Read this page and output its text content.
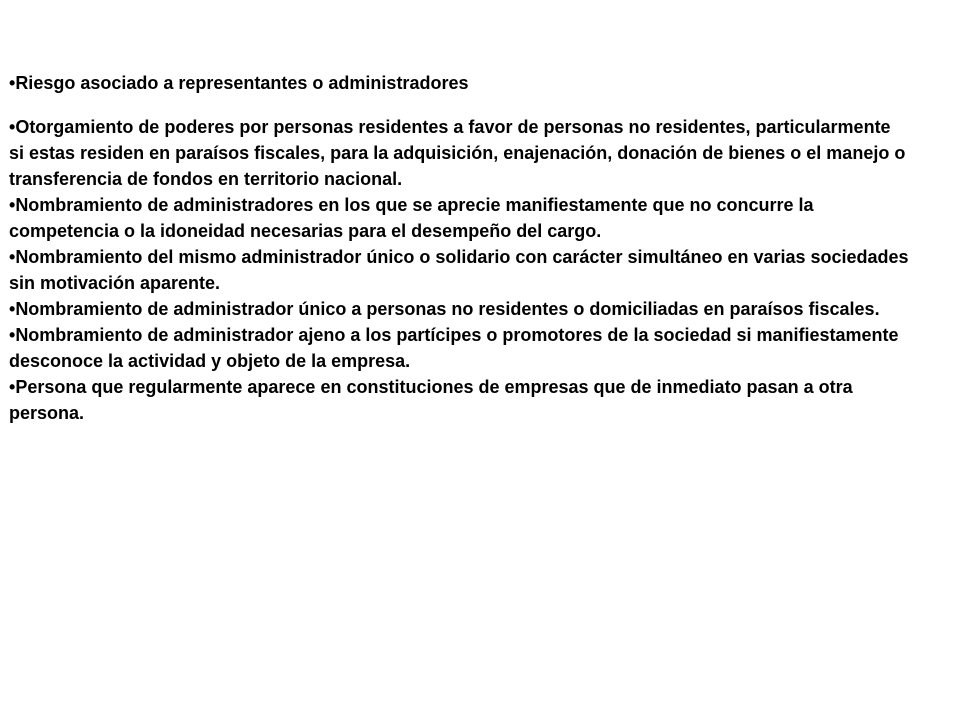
•Riesgo asociado a representantes o administradores

•Otorgamiento de poderes por personas residentes a favor de personas no residentes, particularmente si estas residen en paraísos fiscales, para la adquisición, enajenación, donación de bienes o el manejo o transferencia de fondos en territorio nacional.

•Nombramiento de administradores en los que se aprecie manifiestamente que no concurre la competencia o la idoneidad necesarias para el desempeño del cargo.

•Nombramiento del mismo administrador único o solidario con carácter simultáneo en varias sociedades sin motivación aparente.

•Nombramiento de administrador único a personas no residentes o domiciliadas en paraísos fiscales.

•Nombramiento de administrador ajeno a los partícipes o promotores de la sociedad si manifiestamente desconoce la actividad y objeto de la empresa.

•Persona que regularmente aparece en constituciones de empresas que de inmediato pasan a otra persona.
